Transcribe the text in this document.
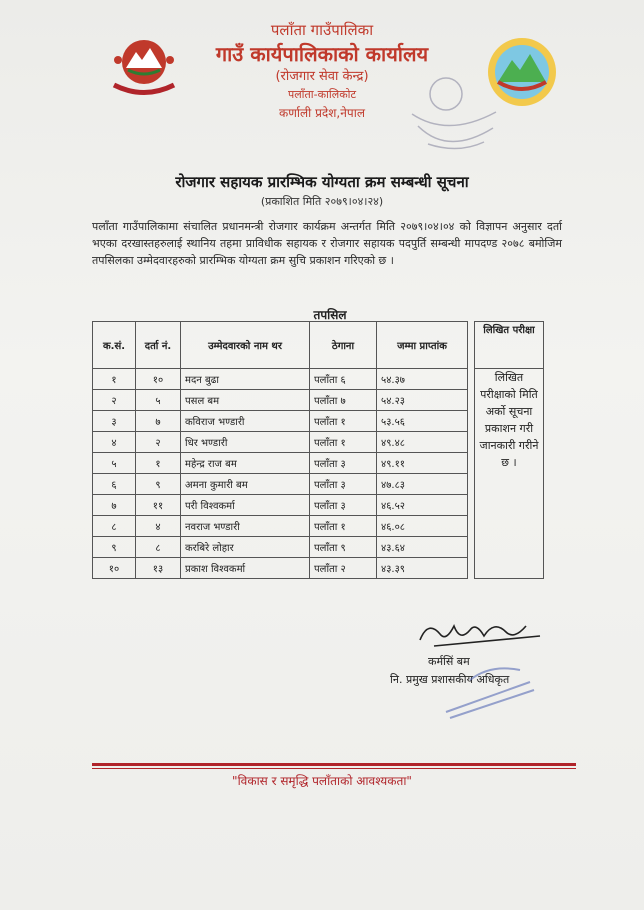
पलाँता गाउँपालिका
गाउँ कार्यपालिकाको कार्यालय
(रोजगार सेवा केन्द्र)
पलाँता-कालिकोट
कर्णाली प्रदेश,नेपाल
रोजगार सहायक प्रारम्भिक योग्यता क्रम सम्बन्धी सूचना
(प्रकाशित मिति २०७९।०४।२४)
पलाँता गाउँपालिकामा संचालित प्रधानमन्त्री रोजगार कार्यक्रम अन्तर्गत मिति २०७९।०४।०४ को विज्ञापन अनुसार दर्ता भएका दरखास्तहरुलाई स्थानिय तहमा प्राविधीक सहायक र रोजगार सहायक पदपुर्ति सम्बन्धी मापदण्ड २०७८ बमोजिम तपसिलका उम्मेदवारहरुको प्रारम्भिक योग्यता क्रम सुचि प्रकाशन गरिएको छ ।
तपसिल
क.सं.	दर्ता नं.	उम्मेदवारको नाम थर	ठेगाना	जम्मा प्राप्तांक		लिखित परीक्षा
१	१०	मदन बुढा	पलाँता ६	५४.३७		लिखित परीक्षाको मिति अर्को सूचना प्रकाशन गरी जानकारी गरीने छ ।
२	५	पसल बम	पलाँता ७	५४.२३		
३	७	कविराज भण्डारी	पलाँता १	५३.५६		
४	२	धिर भण्डारी	पलाँता १	४९.४८		
५	१	महेन्द्र राज बम	पलाँता ३	४९.११		
६	९	अमना कुमारी बम	पलाँता ३	४७.८३		
७	११	परी विश्वकर्मा	पलाँता ३	४६.५२		
८	४	नवराज भण्डारी	पलाँता १	४६.०८		
९	८	करबिरे लोहार	पलाँता ९	४३.६४		
१०	१३	प्रकाश विश्वकर्मा	पलाँता २	४३.३९		
कर्मसिं बम
नि. प्रमुख प्रशासकीय अधिकृत
"विकास र समृद्धि पलाँताको आवश्यकता"
